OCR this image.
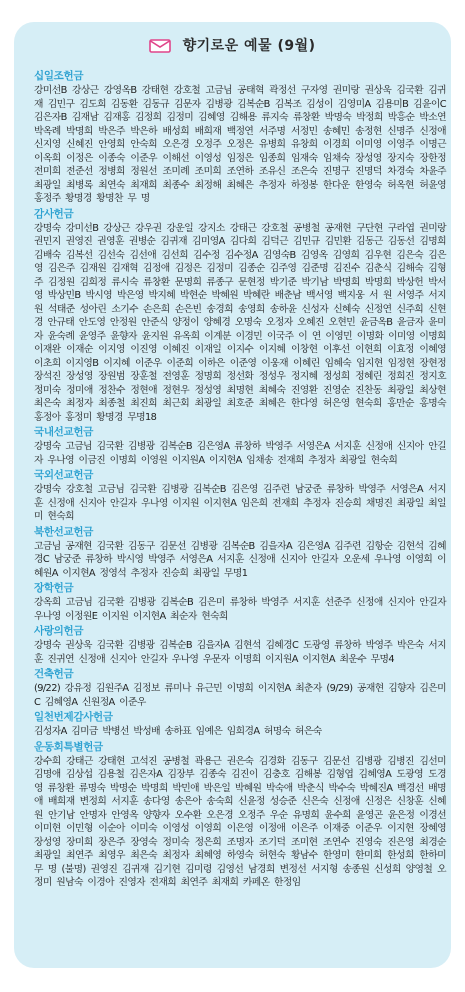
향기로운 예물 (9월)
십일조헌금
강미선B 강상근 강영옥B 강태현 강호철 고금님 공태혁 곽정선 구자영 권미랑 권상욱 김국환 김귀재 김민구 김도희 김동환 김동규 김문자 김병광 김복순B 김복조 김성이 김영미A 김용미B 김윤이C 김은자B 김재남 김재홍 김정희 김정미 김혜영 김해용 류지숙 류창환 박명숙 박정희 박흥순 박소연 박옥례 박명희 박은주 박은하 배성희 배희재 백정연 서주명 서정민 송혜민 송정현 신명주 신정애 신지영 신혜진 안영희 안숙희 오은경 오정주 오정은 유병희 유창희 이경희 이미영 이영주 이명근 이옥희 이정은 이종숙 이준우 이해선 이영성 임정은 임종희 임재숙 임채숙 장성영 장지숙 장한정 전미희 전준선 정병희 정원선 조미례 조미희 조연하 조유신 조은숙 진명구 진명덕 차경숙 차윤주 최광일 최병록 최연숙 최재희 최종수 최정해 최혜은 추정자 하정봉 한다운 한영숙 허옥현 허윤영 홍정주 황명경 황명찬 무 명
감사헌금
강명숙 강미선B 강상근 강우권 강운일 강지소 강태근 강호철 공병철 공재현 구단현 구라엽 권미랑 권민지 권영진 권영훈 권병순 김귀재 김미영A 김다희 김덕근 김민규 김민환 김동근 김동선 김명희 김배숙 김복선 김선숙 김선애 김선희 김수정 김수정A 김영숙B 김영옥 김영희 김우현 김은숙 김은영 김은주 김재원 김재혁 김정애 김정은 김정미 김종순 김주영 김준명 김진수 김춘식 김해숙 김형주 김정원 김희정 류시숙 류창환 문명희 류종구 문현정 박기준 박기남 박명희 박명희 박상헌 박서영 박상민B 박시영 박은영 박지혜 박현순 박혜원 박혜란 배춘남 백서영 백지웅 서 원 서영주 서지원 석태준 성아린 소기수 손은희 손은빈 송경희 송영희 송하윤 신성자 신혜숙 신정연 신주희 신현경 안규태 안도영 안정원 안준식 양정이 양혜경 오명숙 오정자 오혜진 오현민 윤금옥B 윤금자 윤미자 윤숙례 윤영주 윤향자 윤지원 유옥희 이계분 이경민 이국주 이 연 이영민 이명화 이미영 이명희 이재완 이재순 이지영 이진영 이혜진 이재일 이지수 이지혜 이창현 이후선 이현희 이효정 이혜영 이초희 이지영B 이지혜 이준우 이준희 이하은 이준영 이웅재 이혜린 임혜숙 임지현 임정현 장현정 장석진 장성영 장원범 장훈철 전영훈 정명희 정선화 정성우 정지혜 정성희 정혜린 정희진 정지호 정미숙 정미애 정찬수 정현애 정현우 정성영 최명현 최혜숙 진영환 진영순 진찬동 최광일 최상현 최은숙 최정자 최종철 최진희 최근회 최광일 최호준 최혜은 한다영 허은영 현숙희 홍만순 홍명숙 홍정아 홍정미 황명경 무명18
국내선교헌금
강명숙 고금님 김국환 김병광 김복순B 김은영A 류창하 박영주 서영은A 서지훈 신정애 신지아 안길자 우나영 이금진 이명희 이영원 이지원A 이지현A 임채송 전재희 추정자 최광일 현숙희
국외선교헌금
강명숙 강호철 고금님 김국환 김병광 김복순B 김은영 김주련 남궁준 류창하 박영주 서영은A 서지훈 신정애 신지아 안길자 우나영 이지원 이지현A 임은희 전재희 추정자 진승희 채명진 최광일 최일미 현숙희
북한선교헌금
고금님 공재현 김국환 김동구 김문선 김병광 김복순B 김을자A 김은영A 김주련 김항순 김현석 김혜경C 남궁준 류창하 박시영 박영주 서영은A 서지훈 신정애 신지아 안길자 오운세 우나영 이영희 이혜원A 이지현A 정영석 추정자 진승희 최광일 무명1
장학헌금
강옥희 고금님 김국환 김병광 김복순B 김은미 류창하 박영주 서지훈 선준주 신정애 신지아 안길자 우나영 이정원E 이지원 이지현A 최순자 현숙희
사랑의헌금
강명숙 권상욱 김국환 김병광 김복순B 김을자A 김현석 김혜경C 도광영 류창하 박영주 박은숙 서지훈 진귀연 신정애 신지아 안길자 우나영 우문자 이명희 이지원A 이지현A 최운수 무명4
건축헌금
(9/22) 강유정 김원주A 김정보 류미나 유근민 이명희 이지현A 최춘자 (9/29) 공재현 김향자 김은미C 김혜영A 신원정A 이준우
일천번제감사헌금
김성자A 김미금 박병선 박성배 송하표 임예은 임희경A 허명숙 허은숙
운동회특별헌금
강수희 강태근 강태현 고석진 공병철 곽용근 권은숙 김경화 김동구 김문선 김병광 김병진 김선미 김명애 김상섭 김용철 김은자A 김장부 김종숙 김진이 김충호 김해봉 김형엽 김혜영A 도광영 도경영 류창환 류명숙 박명순 박명희 박민애 박은일 박혜원 박숙애 박춘식 박수숙 박혜진A 백경선 배명애 배희재 변정희 서지훈 송다영 송은아 송숙희 신윤정 성승준 신은숙 신정애 신정은 신창훈 신혜원 안기남 안명자 안영옥 양향자 오수환 오은경 오정주 우순 유명희 윤수희 윤영곤 윤은정 이경선 이미현 이민형 이순아 이미숙 이영성 이영희 이은영 이정애 이은주 이재중 이준우 이지현 장혜영 장성영 장미희 장은주 장영숙 정미숙 정은희 조명자 조기덕 조미현 조연수 진영숙 진은영 최경순 최광일 최연주 최영우 최은숙 최정자 최혜영 하영숙 허현숙 황남수 한영미 한미희 한성희 한하미 무 명 (불명) 권영진 김귀재 김기현 김미령 김영선 남경희 변정선 서지형 송종원 신성희 양영철 오정미 원남숙 이경아 진영자 전재희 최연주 최재희 카페온 한정임
